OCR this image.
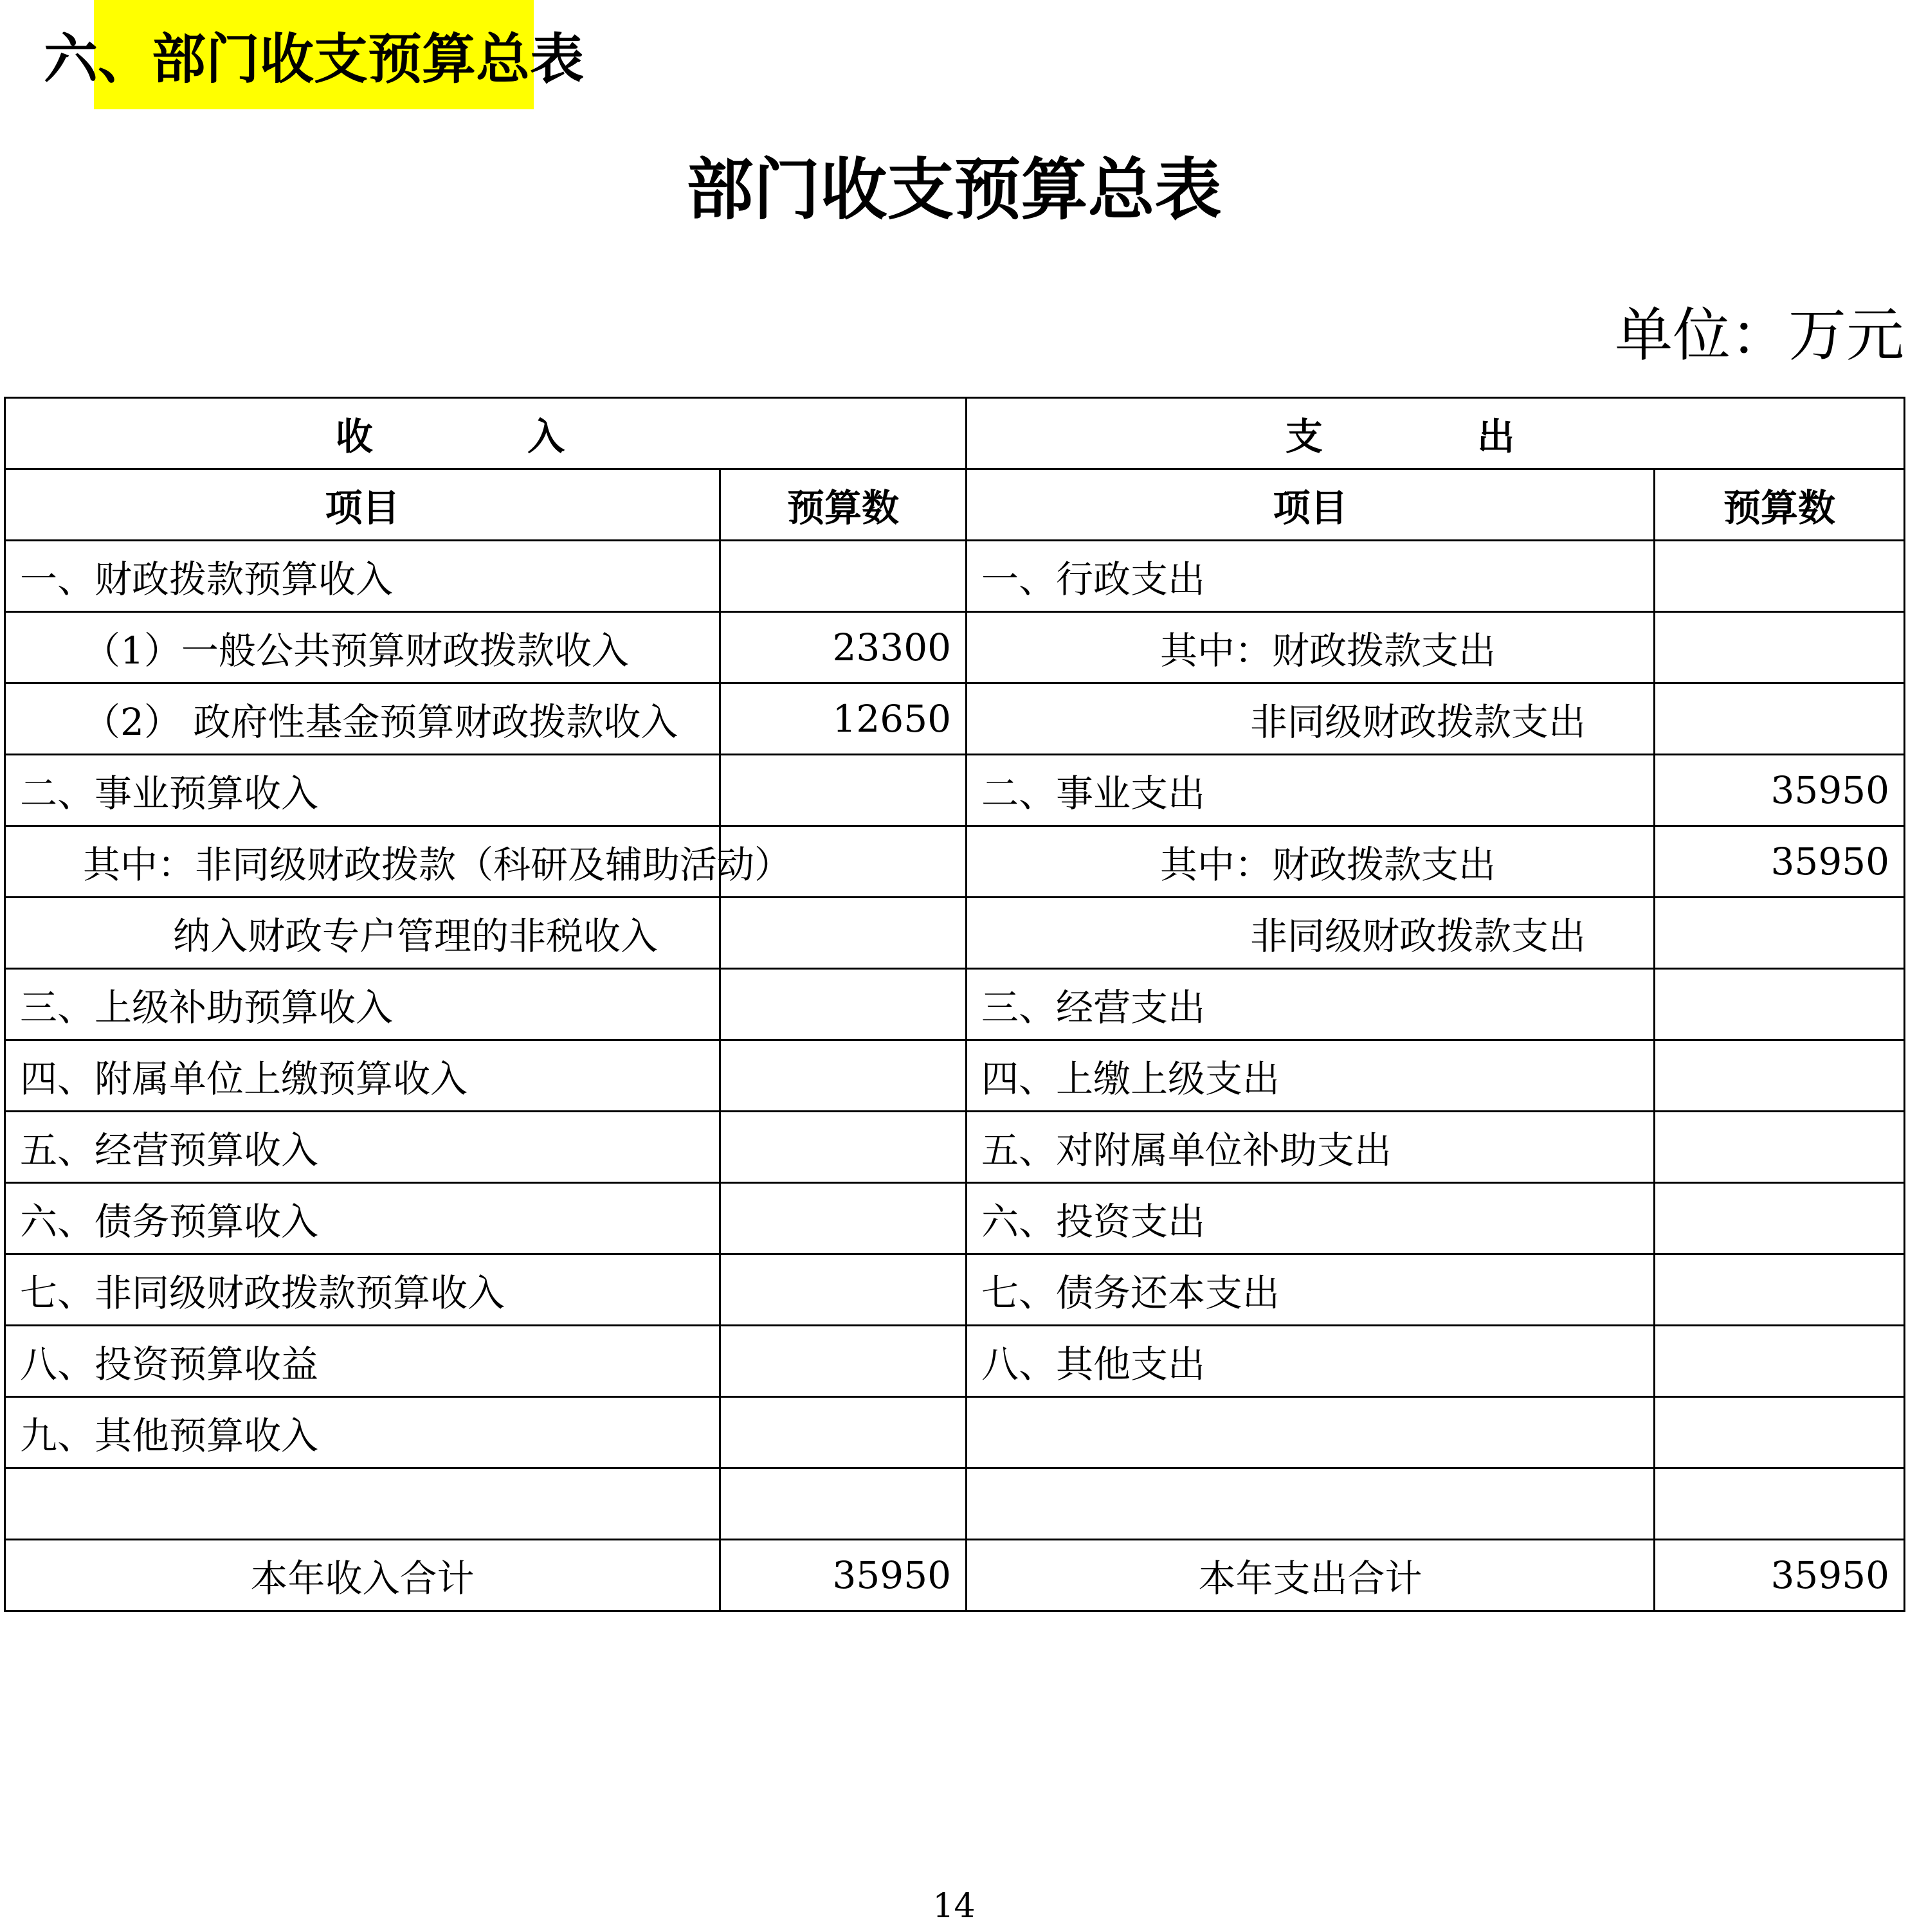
六、部门收支预算总表
部门收支预算总表
单位：万元
收 入		支 出	
项目	预算数	项目	预算数
一、财政拨款预算收入		一、行政支出	
（1）一般公共预算财政拨款收入	23300	其中：财政拨款支出	
（2） 政府性基金预算财政拨款收入	12650	非同级财政拨款支出	
二、事业预算收入		二、事业支出	35950
其中：非同级财政拨款（科研及辅助活动）		其中：财政拨款支出	35950
纳入财政专户管理的非税收入		非同级财政拨款支出	
三、上级补助预算收入		三、经营支出	
四、附属单位上缴预算收入		四、上缴上级支出	
五、经营预算收入		五、对附属单位补助支出	
六、债务预算收入		六、投资支出	
七、非同级财政拨款预算收入		七、债务还本支出	
八、投资预算收益		八、其他支出	
九、其他预算收入			

本年收入合计	35950	本年支出合计	35950
14
